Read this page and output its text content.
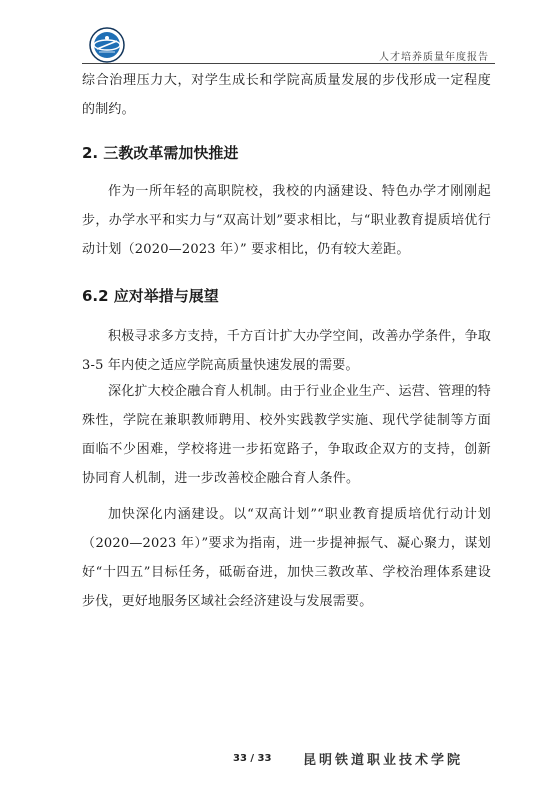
人才培养质量年度报告

综合治理压力大，对学生成长和学院高质量发展的步伐形成一定程度的制约。

2. 三教改革需加快推进

作为一所年轻的高职院校，我校的内涵建设、特色办学才刚刚起步，办学水平和实力与“双高计划”要求相比，与“职业教育提质培优行动计划（2020—2023 年）” 要求相比，仍有较大差距。

6.2 应对举措与展望

积极寻求多方支持，千方百计扩大办学空间，改善办学条件，争取 3-5 年内使之适应学院高质量快速发展的需要。

深化扩大校企融合育人机制。由于行业企业生产、运营、管理的特殊性，学院在兼职教师聘用、校外实践教学实施、现代学徒制等方面面临不少困难，学校将进一步拓宽路子，争取政企双方的支持，创新协同育人机制，进一步改善校企融合育人条件。

加快深化内涵建设。以“双高计划”“职业教育提质培优行动计划（2020—2023 年）”要求为指南，进一步提神振气、凝心聚力，谋划好“十四五”目标任务，砥砺奋进，加快三教改革、学校治理体系建设步伐，更好地服务区域社会经济建设与发展需要。

33 / 33 昆明铁道职业技术学院
